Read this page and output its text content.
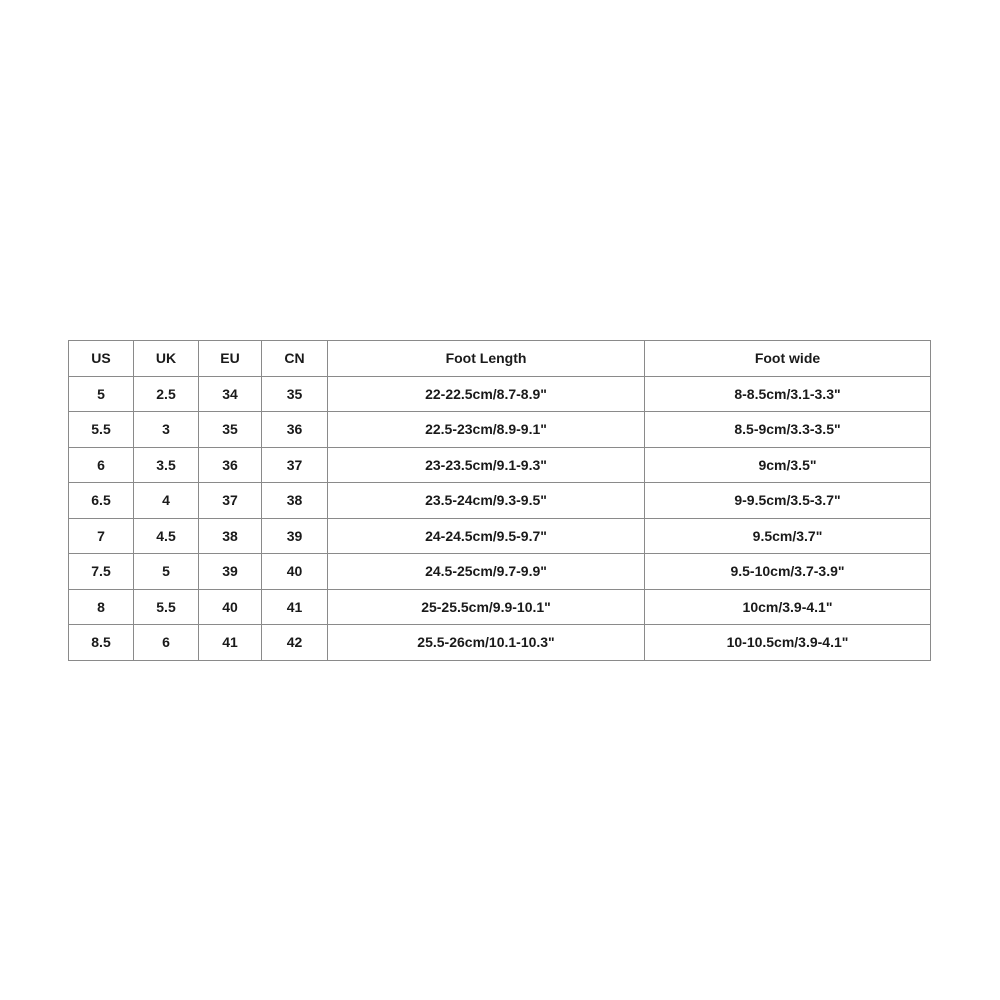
US	UK	EU	CN	Foot Length	Foot wide
5	2.5	34	35	22-22.5cm/8.7-8.9"	8-8.5cm/3.1-3.3"
5.5	3	35	36	22.5-23cm/8.9-9.1"	8.5-9cm/3.3-3.5"
6	3.5	36	37	23-23.5cm/9.1-9.3"	9cm/3.5"
6.5	4	37	38	23.5-24cm/9.3-9.5"	9-9.5cm/3.5-3.7"
7	4.5	38	39	24-24.5cm/9.5-9.7"	9.5cm/3.7"
7.5	5	39	40	24.5-25cm/9.7-9.9"	9.5-10cm/3.7-3.9"
8	5.5	40	41	25-25.5cm/9.9-10.1"	10cm/3.9-4.1"
8.5	6	41	42	25.5-26cm/10.1-10.3"	10-10.5cm/3.9-4.1"
